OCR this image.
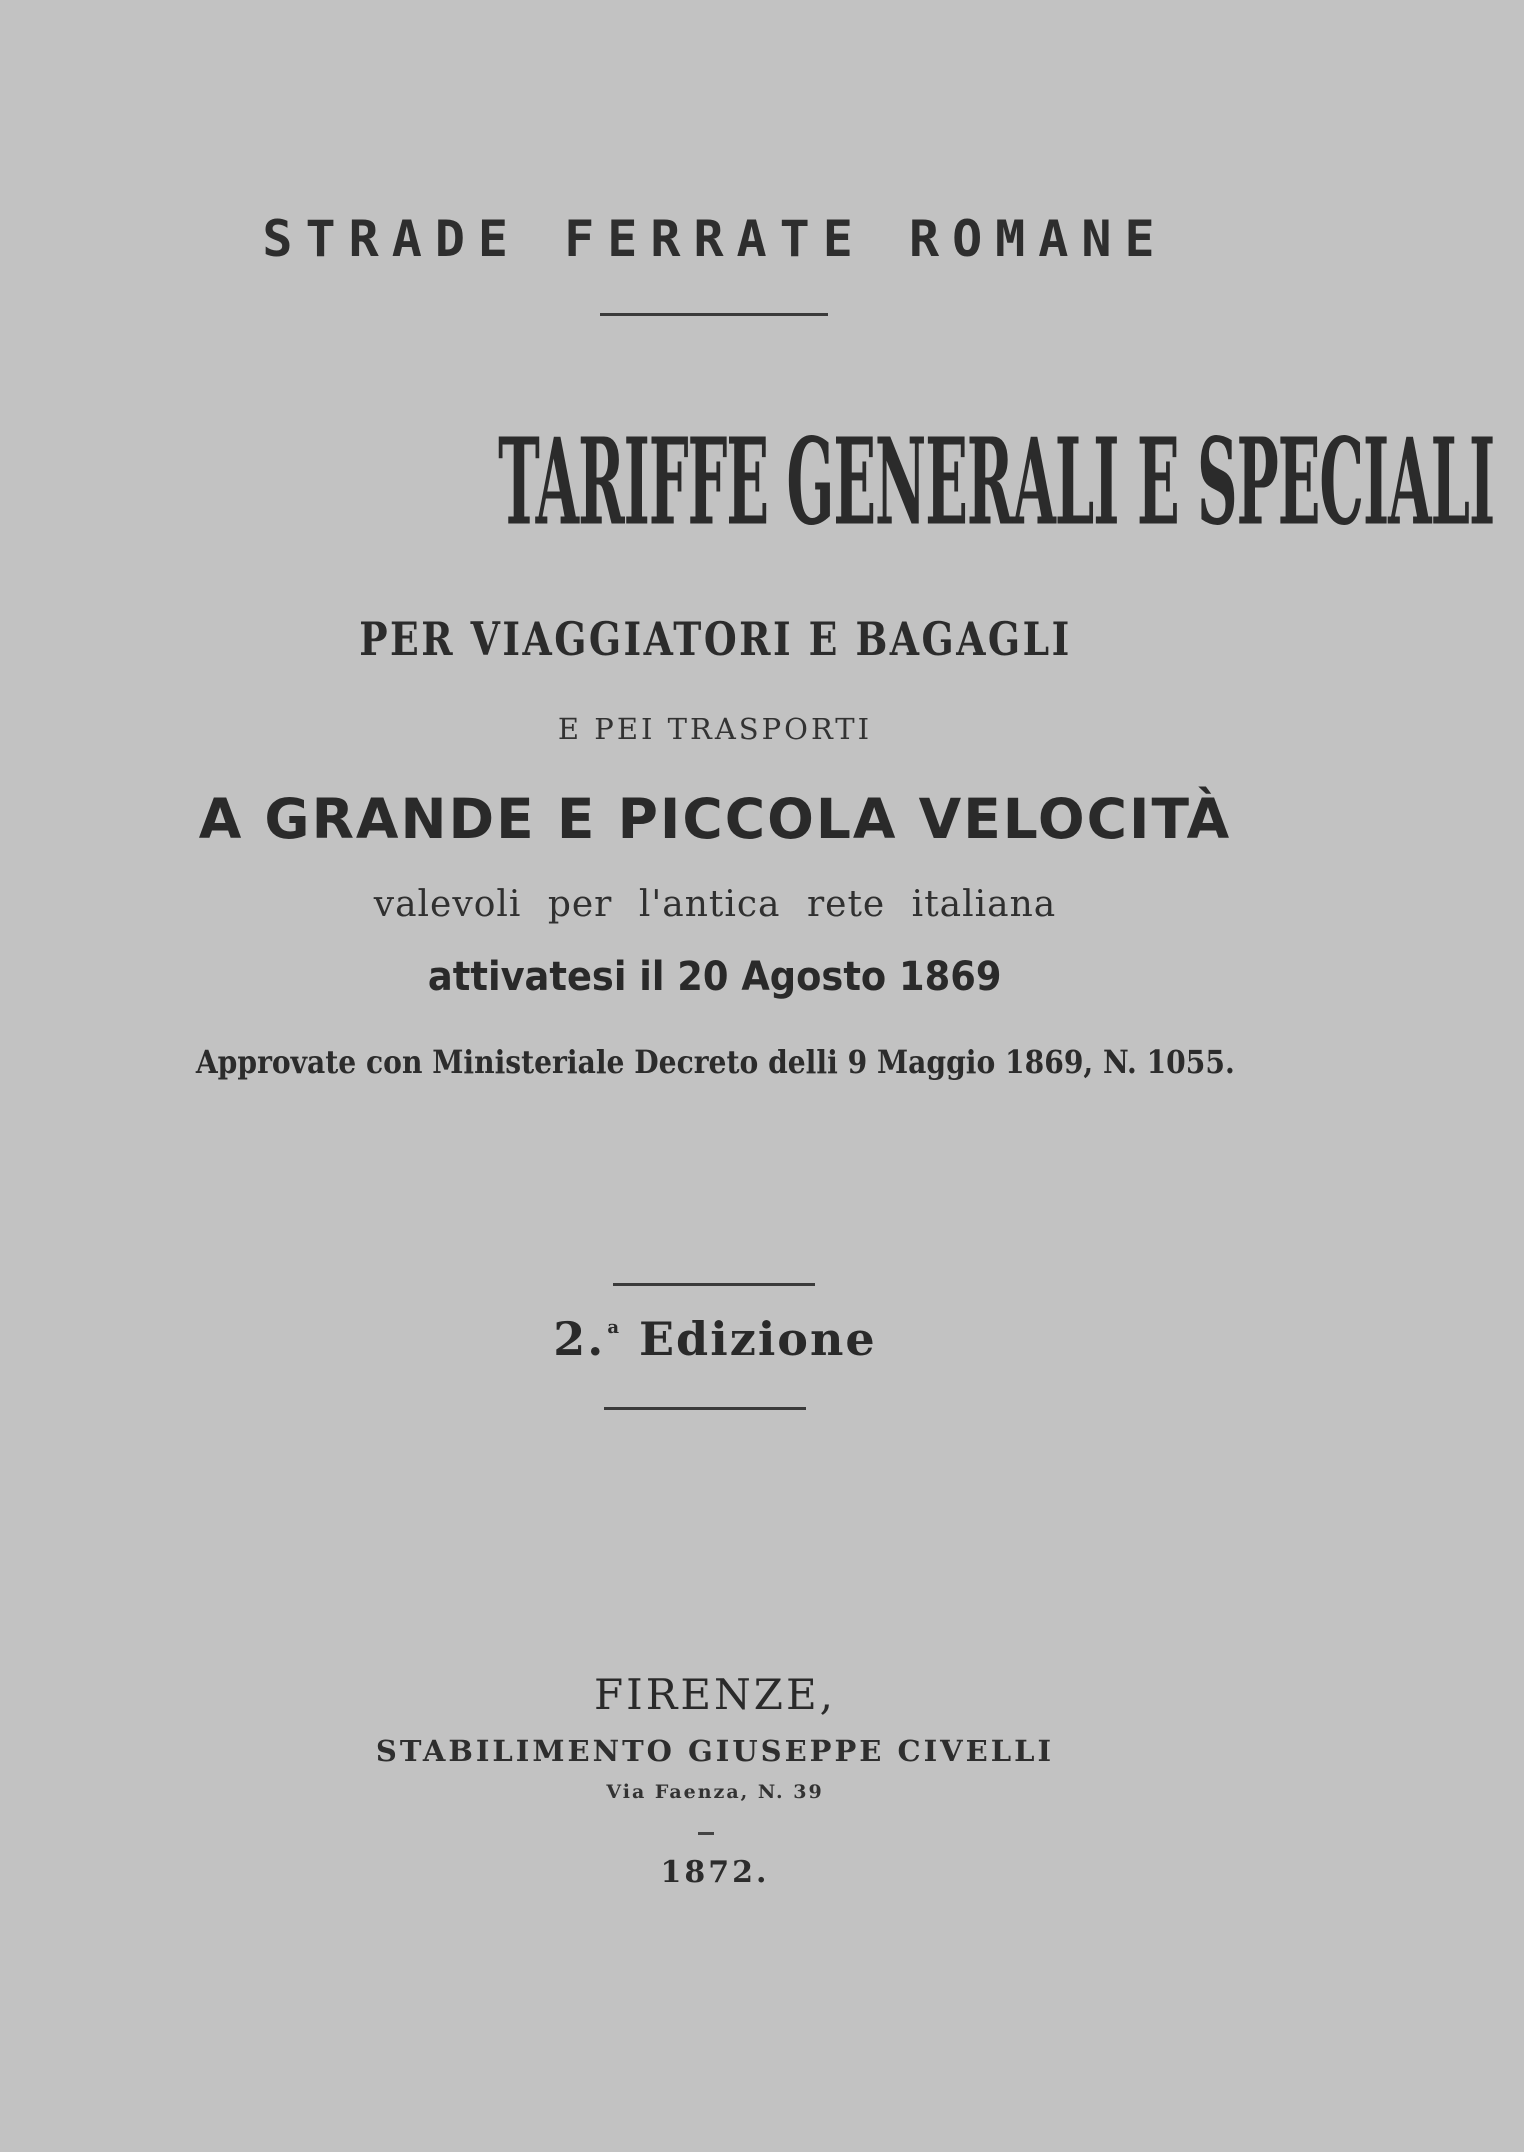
STRADE FERRATE ROMANE
TARIFFE GENERALI E SPECIALI
PER VIAGGIATORI E BAGAGLI
E PEI TRASPORTI
A GRANDE E PICCOLA VELOCITÀ
valevoli per l'antica rete italiana
attivatesi il 20 Agosto 1869
Approvate con Ministeriale Decreto delli 9 Maggio 1869, N. 1055.
2. $^a$ Edizione
FIRENZE,
STABILIMENTO GIUSEPPE CIVELLI
Via Faenza, N. 39
1872.
